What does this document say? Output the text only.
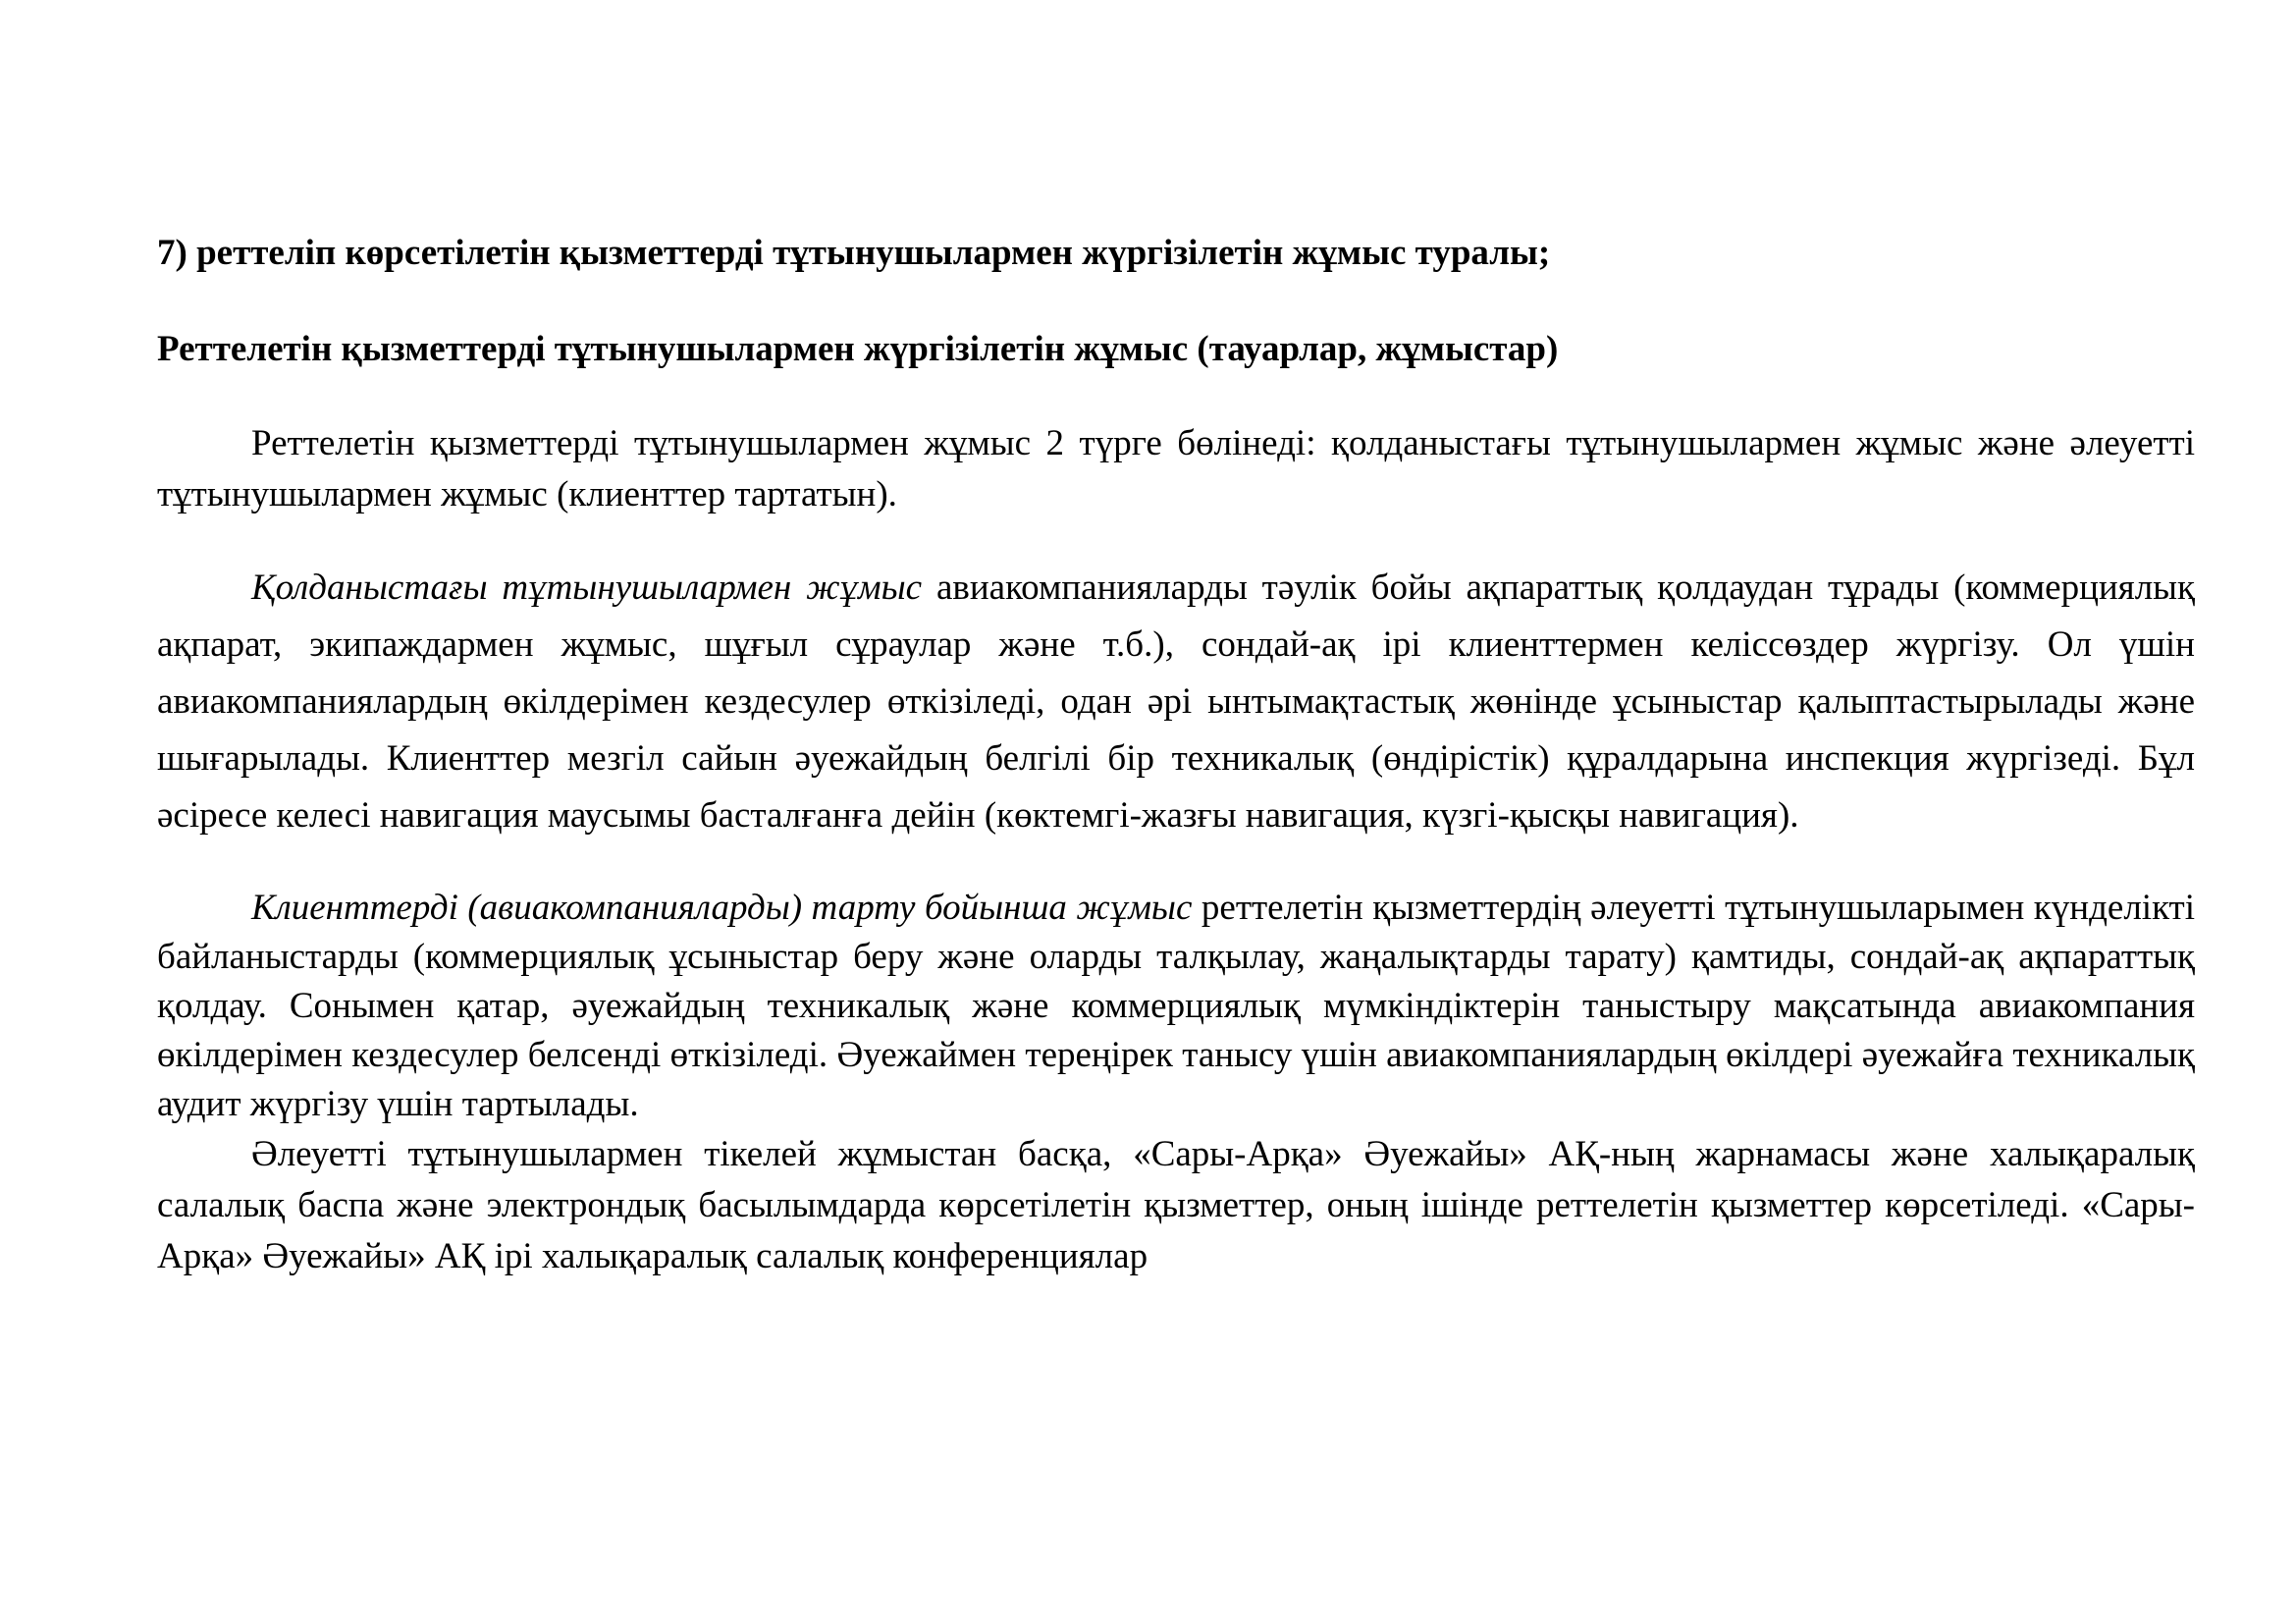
7) реттеліп көрсетілетін қызметтерді тұтынушылармен жүргізілетін жұмыс туралы;

Реттелетін қызметтерді тұтынушылармен жүргізілетін жұмыс (тауарлар, жұмыстар)

Реттелетін қызметтерді тұтынушылармен жұмыс 2 түрге бөлінеді: қолданыстағы тұтынушылармен жұмыс және әлеуетті тұтынушылармен жұмыс (клиенттер тартатын).

Қолданыстағы тұтынушылармен жұмыс авиакомпанияларды тәулік бойы ақпараттық қолдаудан тұрады (коммерциялық ақпарат, экипаждармен жұмыс, шұғыл сұраулар және т.б.), сондай-ақ ірі клиенттермен келіссөздер жүргізу. Ол үшін авиакомпаниялардың өкілдерімен кездесулер өткізіледі, одан әрі ынтымақтастық жөнінде ұсыныстар қалыптастырылады және шығарылады. Клиенттер мезгіл сайын әуежайдың белгілі бір техникалық (өндірістік) құралдарына инспекция жүргізеді. Бұл әсіресе келесі навигация маусымы басталғанға дейін (көктемгі-жазғы навигация, күзгі-қысқы навигация).

Клиенттерді (авиакомпанияларды) тарту бойынша жұмыс реттелетін қызметтердің әлеуетті тұтынушыларымен күнделікті байланыстарды (коммерциялық ұсыныстар беру және оларды талқылау, жаңалықтарды тарату) қамтиды, сондай-ақ ақпараттық қолдау. Сонымен қатар, әуежайдың техникалық және коммерциялық мүмкіндіктерін таныстыру мақсатында авиакомпания өкілдерімен кездесулер белсенді өткізіледі. Әуежаймен тереңірек танысу үшін авиакомпаниялардың өкілдері әуежайға техникалық аудит жүргізу үшін тартылады.

Әлеуетті тұтынушылармен тікелей жұмыстан басқа, «Сары-Арқа» Әуежайы» АҚ-ның жарнамасы және халықаралық салалық баспа және электрондық басылымдарда көрсетілетін қызметтер, оның ішінде реттелетін қызметтер көрсетіледі. «Сары-Арқа» Әуежайы» АҚ ірі халықаралық салалық конференциялар
